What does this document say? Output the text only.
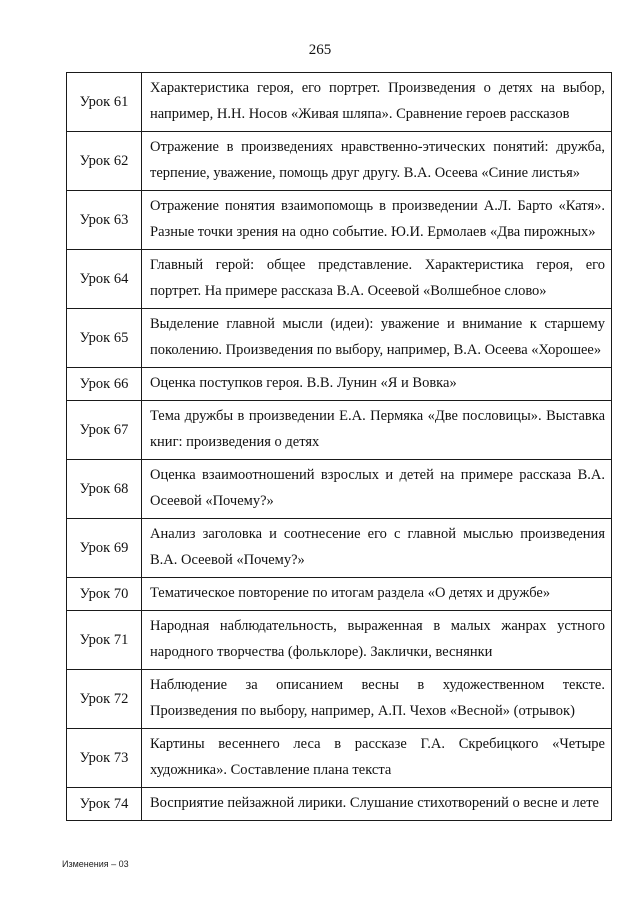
265
Урок 61	Характеристика героя, его портрет. Произведения о детях на выбор, например, Н.Н. Носов «Живая шляпа». Сравнение героев рассказов
Урок 62	Отражение в произведениях нравственно-этических понятий: дружба, терпение, уважение, помощь друг другу. В.А. Осеева «Синие листья»
Урок 63	Отражение понятия взаимопомощь в произведении А.Л. Барто «Катя». Разные точки зрения на одно событие. Ю.И. Ермолаев «Два пирожных»
Урок 64	Главный герой: общее представление. Характеристика героя, его портрет. На примере рассказа В.А. Осеевой «Волшебное слово»
Урок 65	Выделение главной мысли (идеи): уважение и внимание к старшему поколению. Произведения по выбору, например, В.А. Осеева «Хорошее»
Урок 66	Оценка поступков героя. В.В. Лунин «Я и Вовка»
Урок 67	Тема дружбы в произведении Е.А. Пермяка «Две пословицы». Выставка книг: произведения о детях
Урок 68	Оценка взаимоотношений взрослых и детей на примере рассказа В.А. Осеевой «Почему?»
Урок 69	Анализ заголовка и соотнесение его с главной мыслью произведения В.А. Осеевой «Почему?»
Урок 70	Тематическое повторение по итогам раздела «О детях и дружбе»
Урок 71	Народная наблюдательность, выраженная в малых жанрах устного народного творчества (фольклоре). Заклички, веснянки
Урок 72	Наблюдение за описанием весны в художественном тексте. Произведения по выбору, например, А.П. Чехов «Весной» (отрывок)
Урок 73	Картины весеннего леса в рассказе Г.А. Скребицкого «Четыре художника». Составление плана текста
Урок 74	Восприятие пейзажной лирики. Слушание стихотворений о весне и лете
Изменения – 03
